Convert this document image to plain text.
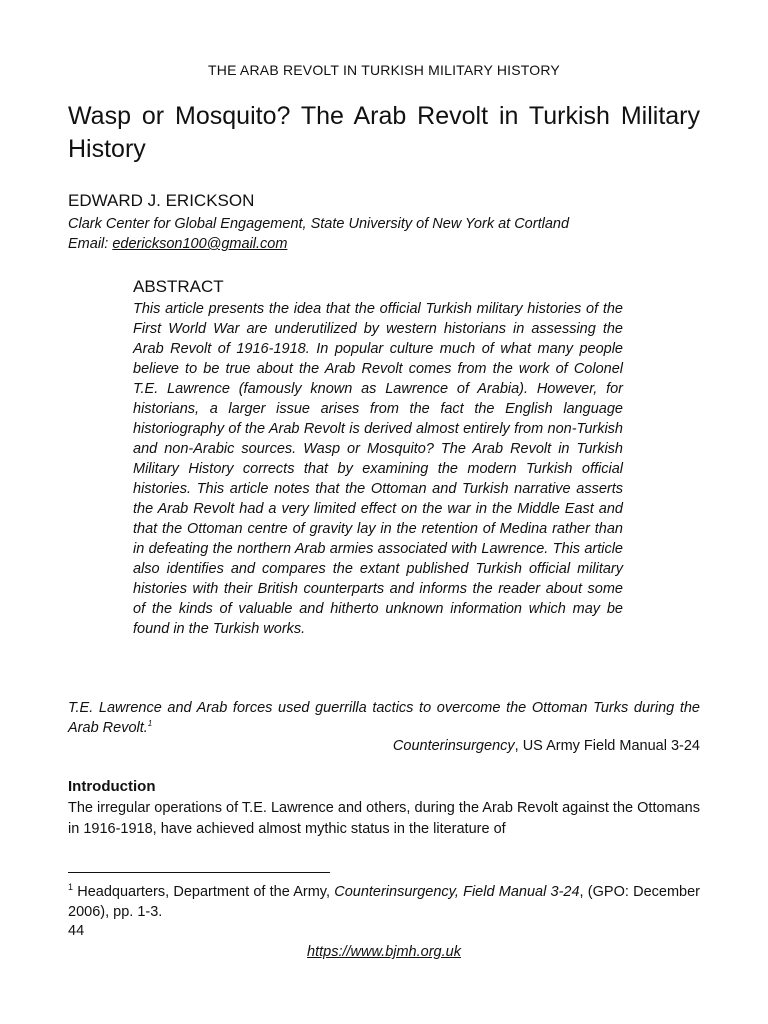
THE ARAB REVOLT IN TURKISH MILITARY HISTORY
Wasp or Mosquito? The Arab Revolt in Turkish Military History
EDWARD J. ERICKSON
Clark Center for Global Engagement, State University of New York at Cortland
Email: ederickson100@gmail.com
ABSTRACT

This article presents the idea that the official Turkish military histories of the First World War are underutilized by western historians in assessing the Arab Revolt of 1916-1918. In popular culture much of what many people believe to be true about the Arab Revolt comes from the work of Colonel T.E. Lawrence (famously known as Lawrence of Arabia). However, for historians, a larger issue arises from the fact the English language historiography of the Arab Revolt is derived almost entirely from non-Turkish and non-Arabic sources. Wasp or Mosquito? The Arab Revolt in Turkish Military History corrects that by examining the modern Turkish official histories. This article notes that the Ottoman and Turkish narrative asserts the Arab Revolt had a very limited effect on the war in the Middle East and that the Ottoman centre of gravity lay in the retention of Medina rather than in defeating the northern Arab armies associated with Lawrence. This article also identifies and compares the extant published Turkish official military histories with their British counterparts and informs the reader about some of the kinds of valuable and hitherto unknown information which may be found in the Turkish works.

T.E. Lawrence and Arab forces used guerrilla tactics to overcome the Ottoman Turks during the Arab Revolt.$^1$

Counterinsurgency, US Army Field Manual 3-24
Introduction

The irregular operations of T.E. Lawrence and others, during the Arab Revolt against the Ottomans in 1916-1918, have achieved almost mythic status in the literature of

$^1$ Headquarters, Department of the Army, Counterinsurgency, Field Manual 3-24, (GPO: December 2006), pp. 1-3.

44
https://www.bjmh.org.uk
